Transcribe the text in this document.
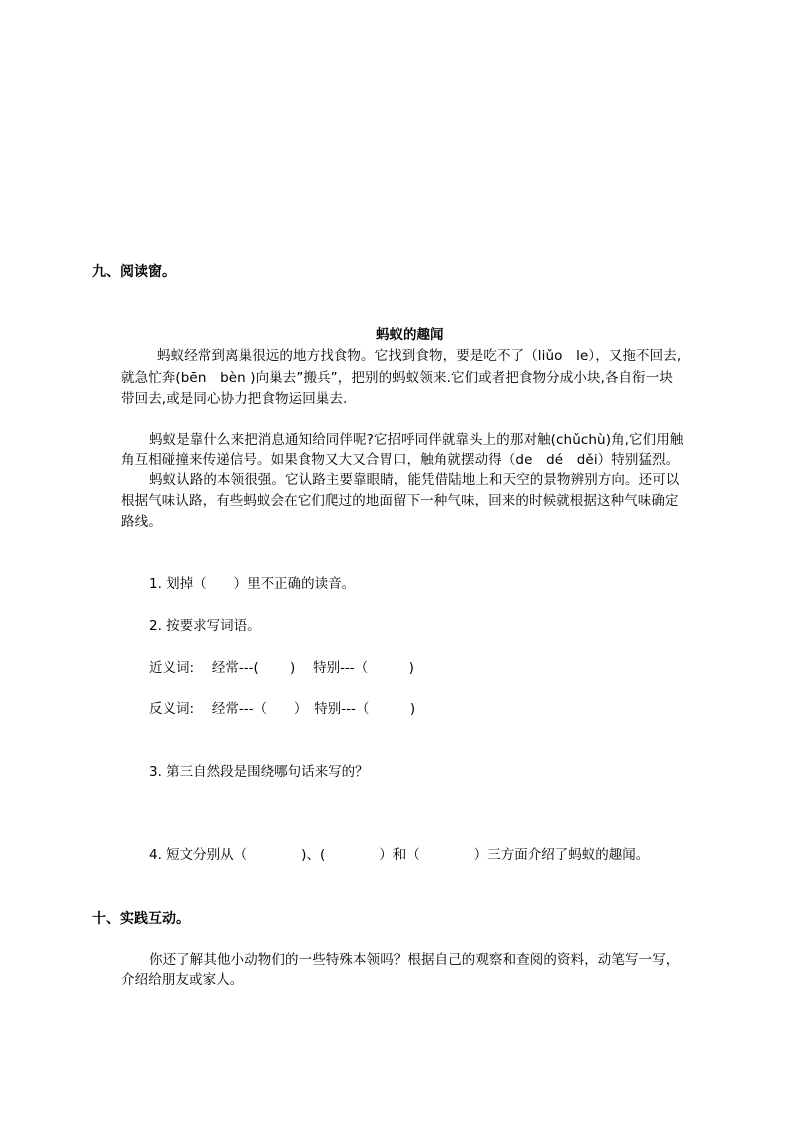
九、阅读窗。
蚂蚁的趣闻
蚂蚁经常到离巢很远的地方找食物。它找到食物，要是吃不了（liǔo　le），又拖不回去,
就急忙奔(bēn　bèn )向巢去”搬兵”，把别的蚂蚁领来.它们或者把食物分成小块,各自衔一块
带回去,或是同心协力把食物运回巢去.
蚂蚁是靠什么来把消息通知给同伴呢?它招呼同伴就靠头上的那对触(chǔchù)角,它们用触
角互相碰撞来传递信号。如果食物又大又合胃口，触角就摆动得（de　dé　děi）特别猛烈。
蚂蚁认路的本领很强。它认路主要靠眼睛，能凭借陆地上和天空的景物辨别方向。还可以
根据气味认路，有些蚂蚁会在它们爬过的地面留下一种气味，回来的时候就根据这种气味确定
路线。
1. 划掉（　　）里不正确的读音。
2. 按要求写词语。
近义词:　 经常---(　　 )　 特别---（　　　)
反义词:　 经常---（　　）　特别---（　　　)
3. 第三自然段是围绕哪句话来写的？
4. 短文分别从（　　　　)、(　　　　）和（　　　　）三方面介绍了蚂蚁的趣闻。
十、实践互动。
你还了解其他小动物们的一些特殊本领吗？根据自己的观察和查阅的资料，动笔写一写，
介绍给朋友或家人。
